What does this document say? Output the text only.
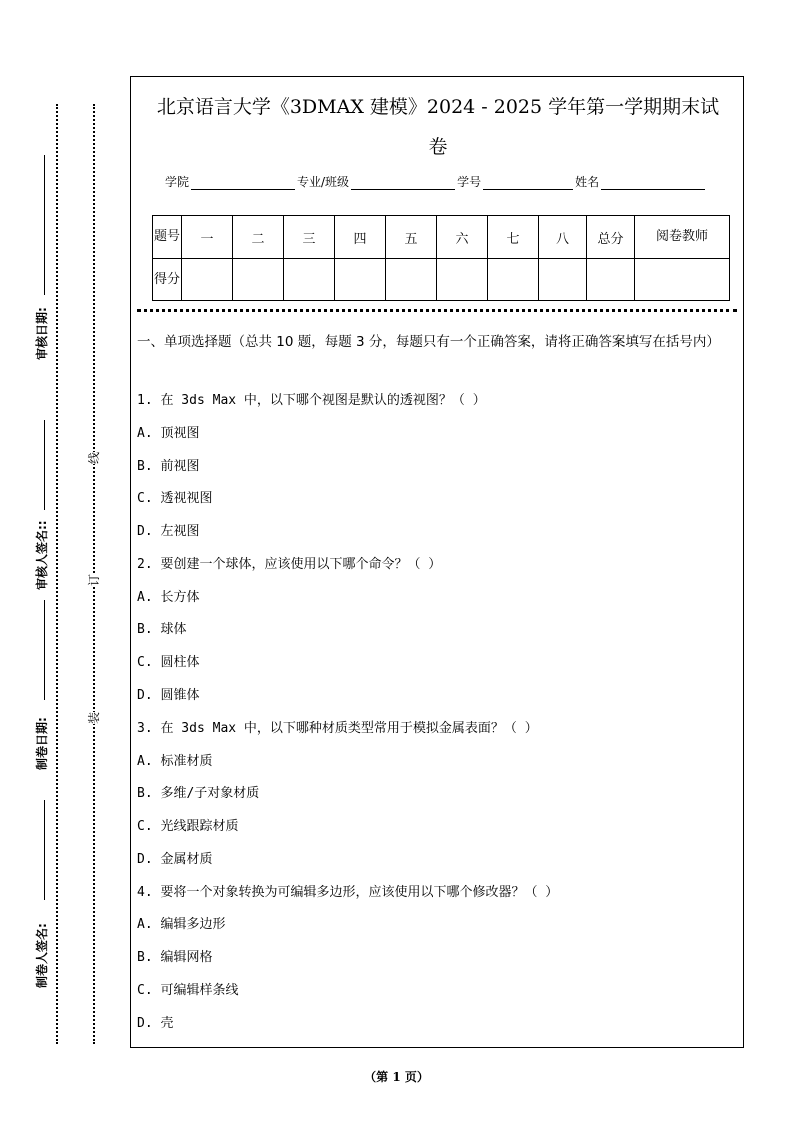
审核日期:
审核人签名::
制卷日期:
制卷人签名:
线
订
装
北京语言大学《3DMAX 建模》2024 - 2025 学年第一学期期末试
卷
学院	专业/班级	学号	姓名
题号	一	二	三	四	五	六	七	八	总分	阅卷教师
得分										
一、单项选择题（总共 10 题，每题 3 分，每题只有一个正确答案，请将正确答案填写在括号内）
1. 在 3ds Max 中，以下哪个视图是默认的透视图？（ ）
A. 顶视图
B. 前视图
C. 透视视图
D. 左视图
2. 要创建一个球体，应该使用以下哪个命令？（ ）
A. 长方体
B. 球体
C. 圆柱体
D. 圆锥体
3. 在 3ds Max 中，以下哪种材质类型常用于模拟金属表面？（ ）
A. 标准材质
B. 多维/子对象材质
C. 光线跟踪材质
D. 金属材质
4. 要将一个对象转换为可编辑多边形，应该使用以下哪个修改器？（ ）
A. 编辑多边形
B. 编辑网格
C. 可编辑样条线
D. 壳
（第 1 页）
